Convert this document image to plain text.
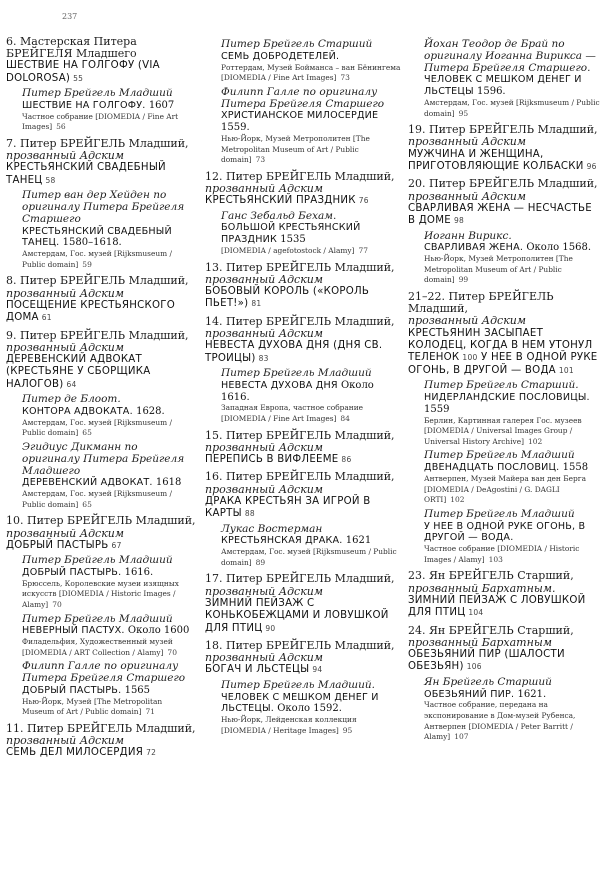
237
6. Мастерская Питера БРЕЙГЕЛЯ Младшего
ШЕСТВИЕ НА ГОЛГОФУ (VIA DOLOROSA) 55
Питер Брейгель Младший
ШЕСТВИЕ НА ГОЛГОФУ. 1607
Частное собрание [DIOMEDIA / Fine Art Images] 56
7. Питер БРЕЙГЕЛЬ Младший,
прозванный Адским
КРЕСТЬЯНСКИЙ СВАДЕБНЫЙ ТАНЕЦ 58
Питер ван дер Хейден по оригиналу Питера Брейгеля Старшего
КРЕСТЬЯНСКИЙ СВАДЕБНЫЙ ТАНЕЦ. 1580–1618.
Амстердам, Гос. музей [Rijksmuseum / Public domain] 59
8. Питер БРЕЙГЕЛЬ Младший,
прозванный Адским
ПОСЕЩЕНИЕ КРЕСТЬЯНСКОГО ДОМА 61
9. Питер БРЕЙГЕЛЬ Младший,
прозванный Адским
ДЕРЕВЕНСКИЙ АДВОКАТ (КРЕСТЬЯНЕ У СБОРЩИКА НАЛОГОВ) 64
Питер де Блоот.
КОНТОРА АДВОКАТА. 1628.
Амстердам, Гос. музей [Rijksmuseum / Public domain] 65
Эгидиус Дикманн по оригиналу Питера Брейгеля Младшего
ДЕРЕВЕНСКИЙ АДВОКАТ. 1618
Амстердам, Гос. музей [Rijksmuseum / Public domain] 65
10. Питер БРЕЙГЕЛЬ Младший,
прозванный Адским
ДОБРЫЙ ПАСТЫРЬ 67
Питер Брейгель Младший
ДОБРЫЙ ПАСТЫРЬ. 1616.
Брюссель, Королевские музеи изящных искусств [DIOMEDIA / Historic Images / Alamy] 70
Питер Брейгель Младший
НЕВЕРНЫЙ ПАСТУХ. Около 1600
Филадельфия, Художественный музей [DIOMEDIA / ART Collection / Alamy] 70
Филипп Галле по оригиналу Питера Брейгеля Старшего
ДОБРЫЙ ПАСТЫРЬ. 1565
Нью-Йорк, Музей [The Metropolitan Museum of Art / Public domain] 71
11. Питер БРЕЙГЕЛЬ Младший,
прозванный Адским
СЕМЬ ДЕЛ МИЛОСЕРДИЯ 72
Питер Брейгель Старший
СЕМЬ ДОБРОДЕТЕЛЕЙ.
Роттердам, Музей Бойманса – ван Бёнингема [DIOMEDIA / Fine Art Images] 73
Филипп Галле по оригиналу Питера Брейгеля Старшего
ХРИСТИАНСКОЕ МИЛОСЕРДИЕ 1559.
Нью-Йорк, Музей Метрополитен [The Metropolitan Museum of Art / Public domain] 73
12. Питер БРЕЙГЕЛЬ Младший,
прозванный Адским
КРЕСТЬЯНСКИЙ ПРАЗДНИК 76
Ганс Зебальд Бехам.
БОЛЬШОЙ КРЕСТЬЯНСКИЙ ПРАЗДНИК 1535
[DIOMEDIA / agefotostock / Alamy] 77
13. Питер БРЕЙГЕЛЬ Младший,
прозванный Адским
БОБОВЫЙ КОРОЛЬ («КОРОЛЬ ПЬЕТ!») 81
14. Питер БРЕЙГЕЛЬ Младший,
прозванный Адским
НЕВЕСТА ДУХОВА ДНЯ (ДНЯ СВ. ТРОИЦЫ) 83
Питер Брейгель Младший
НЕВЕСТА ДУХОВА ДНЯ Около 1616.
Западная Европа, частное собрание [DIOMEDIA / Fine Art Images] 84
15. Питер БРЕЙГЕЛЬ Младший,
прозванный Адским
ПЕРЕПИСЬ В ВИФЛЕЕМЕ 86
16. Питер БРЕЙГЕЛЬ Младший,
прозванный Адским
ДРАКА КРЕСТЬЯН ЗА ИГРОЙ В КАРТЫ 88
Лукас Востерман
КРЕСТЬЯНСКАЯ ДРАКА. 1621
Амстердам, Гос. музей [Rijksmuseum / Public domain] 89
17. Питер БРЕЙГЕЛЬ Младший,
прозванный Адским
ЗИМНИЙ ПЕЙЗАЖ С КОНЬКОБЕЖЦАМИ И ЛОВУШКОЙ ДЛЯ ПТИЦ 90
18. Питер БРЕЙГЕЛЬ Младший,
прозванный Адским
БОГАЧ И ЛЬСТЕЦЫ 94
Питер Брейгель Младший.
ЧЕЛОВЕК С МЕШКОМ ДЕНЕГ И ЛЬСТЕЦЫ. Около 1592.
Нью-Йорк, Лейденская коллекция [DIOMEDIA / Heritage Images] 95
Йохан Теодор де Брай по оригиналу Иоганна Вирикса — Питера Брейгеля Старшего.
ЧЕЛОВЕК С МЕШКОМ ДЕНЕГ И ЛЬСТЕЦЫ 1596.
Амстердам, Гос. музей [Rijksmuseum / Public domain] 95
19. Питер БРЕЙГЕЛЬ Младший,
прозванный Адским
МУЖЧИНА И ЖЕНЩИНА, ПРИГОТОВЛЯЮЩИЕ КОЛБАСКИ 96
20. Питер БРЕЙГЕЛЬ Младший,
прозванный Адским
СВАРЛИВАЯ ЖЕНА — НЕСЧАСТЬЕ В ДОМЕ 98
Иоганн Вирикс.
СВАРЛИВАЯ ЖЕНА. Около 1568.
Нью-Йорк, Музей Метрополитен [The Metropolitan Museum of Art / Public domain] 99
21–22. Питер БРЕЙГЕЛЬ Младший,
прозванный Адским
КРЕСТЬЯНИН ЗАСЫПАЕТ КОЛОДЕЦ, КОГДА В НЕМ УТОНУЛ ТЕЛЕНОК 100 У НЕЕ В ОДНОЙ РУКЕ ОГОНЬ, В ДРУГОЙ — ВОДА 101
Питер Брейгель Старший.
НИДЕРЛАНДСКИЕ ПОСЛОВИЦЫ. 1559
Берлин, Картинная галерея Гос. музеев [DIOMEDIA / Universal Images Group / Universal History Archive] 102
Питер Брейгель Младший
ДВЕНАДЦАТЬ ПОСЛОВИЦ. 1558
Антверпен, Музей Майера ван ден Берга [DIOMEDIA / DeAgostini / G. DAGLI ORTI] 102
Питер Брейгель Младший
У НЕЕ В ОДНОЙ РУКЕ ОГОНЬ, В ДРУГОЙ — ВОДА.
Частное собрание [DIOMEDIA / Historic Images / Alamy] 103
23. Ян БРЕЙГЕЛЬ Старший,
прозванный Бархатным.
ЗИМНИЙ ПЕЙЗАЖ С ЛОВУШКОЙ ДЛЯ ПТИЦ 104
24. Ян БРЕЙГЕЛЬ Старший,
прозванный Бархатным
ОБЕЗЬЯНИЙ ПИР (ШАЛОСТИ ОБЕЗЬЯН) 106
Ян Брейгель Старший
ОБЕЗЬЯНИЙ ПИР. 1621.
Частное собрание, передана на экспонирование в Дом-музей Рубенса, Антверпен [DIOMEDIA / Peter Barritt / Alamy] 107
